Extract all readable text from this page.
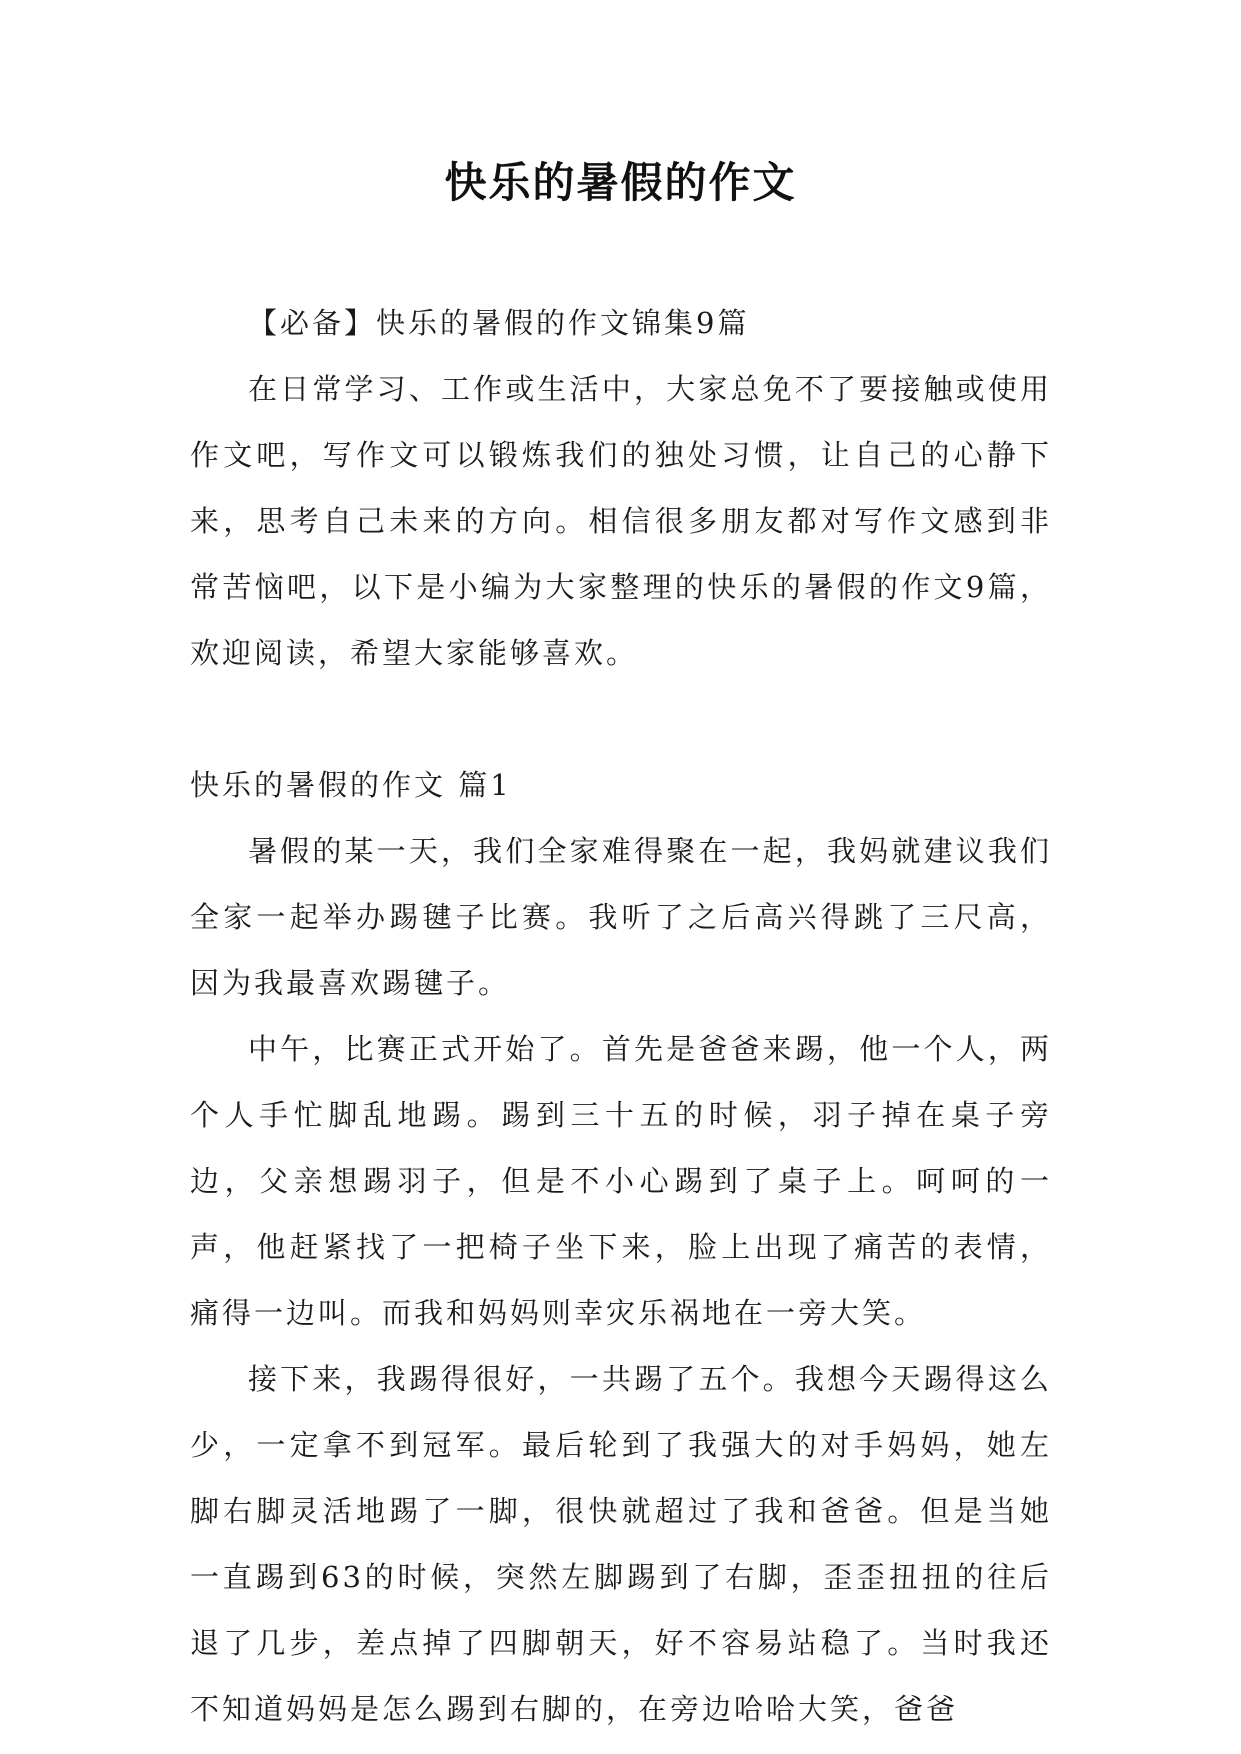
快乐的暑假的作文

【必备】快乐的暑假的作文锦集9篇

在日常学习、工作或生活中，大家总免不了要接触或使用作文吧，写作文可以锻炼我们的独处习惯，让自己的心静下来，思考自己未来的方向。相信很多朋友都对写作文感到非常苦恼吧，以下是小编为大家整理的快乐的暑假的作文9篇，欢迎阅读，希望大家能够喜欢。

快乐的暑假的作文 篇1

暑假的某一天，我们全家难得聚在一起，我妈就建议我们全家一起举办踢毽子比赛。我听了之后高兴得跳了三尺高，因为我最喜欢踢毽子。

中午，比赛正式开始了。首先是爸爸来踢，他一个人，两个人手忙脚乱地踢。踢到三十五的时候，羽子掉在桌子旁边，父亲想踢羽子，但是不小心踢到了桌子上。呵呵的一声，他赶紧找了一把椅子坐下来，脸上出现了痛苦的表情，痛得一边叫。而我和妈妈则幸灾乐祸地在一旁大笑。

接下来，我踢得很好，一共踢了五个。我想今天踢得这么少，一定拿不到冠军。最后轮到了我强大的对手妈妈，她左脚右脚灵活地踢了一脚，很快就超过了我和爸爸。但是当她一直踢到63的时候，突然左脚踢到了右脚，歪歪扭扭的往后退了几步，差点掉了四脚朝天，好不容易站稳了。当时我还不知道妈妈是怎么踢到右脚的，在旁边哈哈大笑，爸爸
